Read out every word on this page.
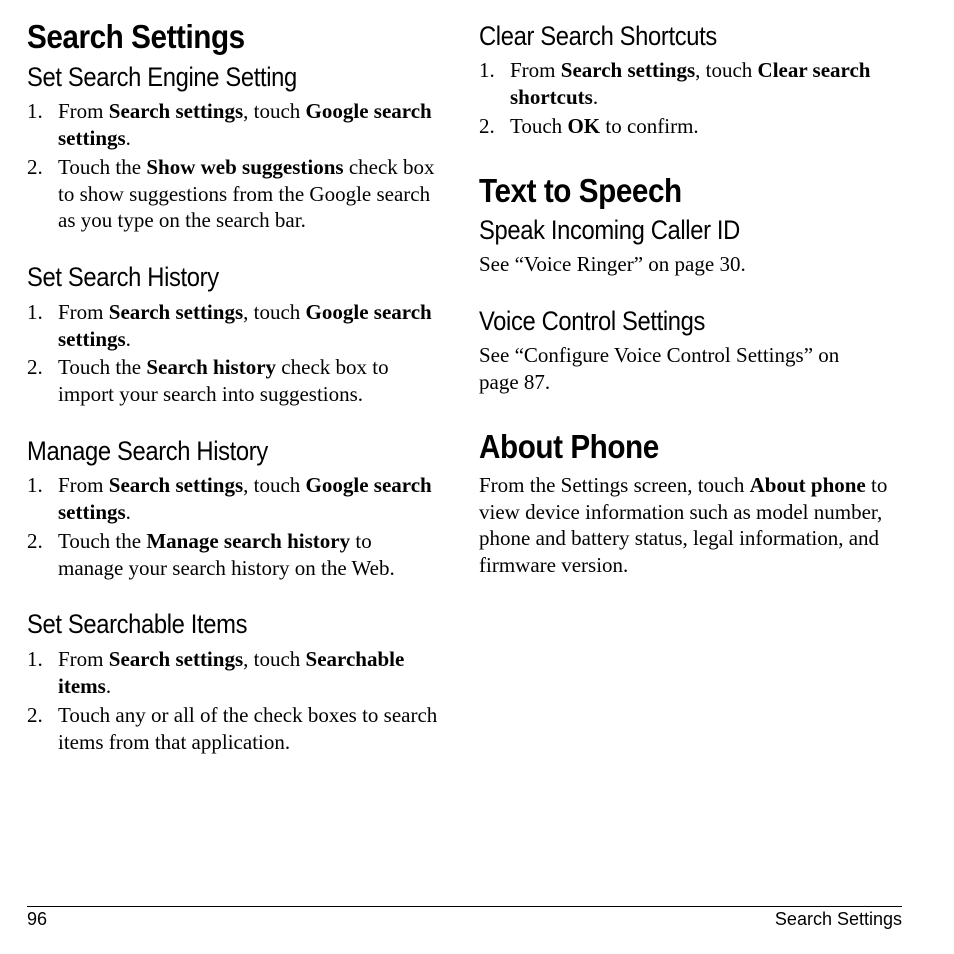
Search Settings
Set Search Engine Setting
1. From Search settings, touch Google search settings.
2. Touch the Show web suggestions check box to show suggestions from the Google search as you type on the search bar.
Set Search History
1. From Search settings, touch Google search settings.
2. Touch the Search history check box to import your search into suggestions.
Manage Search History
1. From Search settings, touch Google search settings.
2. Touch the Manage search history to manage your search history on the Web.
Set Searchable Items
1. From Search settings, touch Searchable items.
2. Touch any or all of the check boxes to search items from that application.
Clear Search Shortcuts
1. From Search settings, touch Clear search shortcuts.
2. Touch OK to confirm.
Text to Speech
Speak Incoming Caller ID

See “Voice Ringer” on page 30.

Voice Control Settings

See “Configure Voice Control Settings” on page 87.

About Phone

From the Settings screen, touch About phone to view device information such as model number, phone and battery status, legal information, and firmware version.

96	Search Settings
